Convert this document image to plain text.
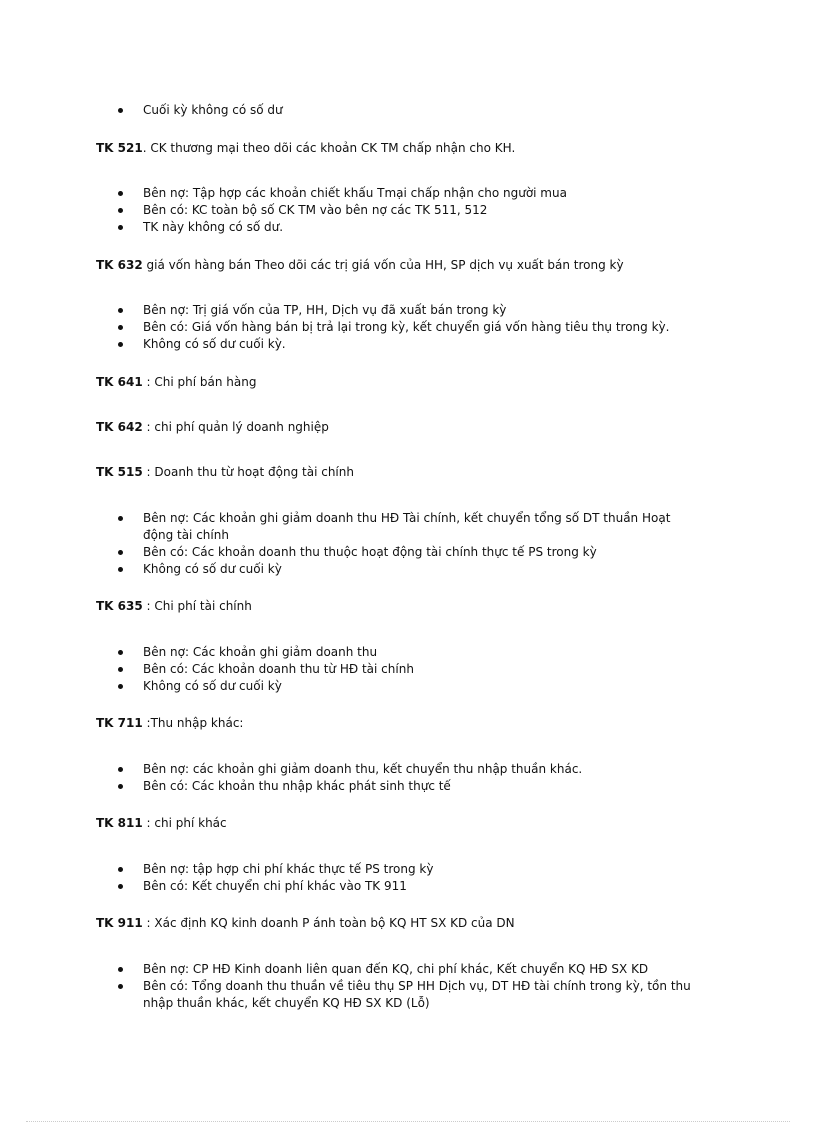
Cuối kỳ không có số dư
TK 521. CK thương mại theo dõi các khoản CK TM chấp nhận cho KH.
Bên nợ: Tập hợp các khoản chiết khấu Tmại chấp nhận cho người mua
Bên có: KC toàn bộ số CK TM vào bên nợ các TK 511, 512
TK này không có số dư.
TK 632 giá vốn hàng bán Theo dõi các trị giá vốn của HH, SP dịch vụ xuất bán trong kỳ
Bên nợ: Trị giá vốn của TP, HH, Dịch vụ đã xuất bán trong kỳ
Bên có: Giá vốn hàng bán bị trả lại trong kỳ, kết chuyển giá vốn hàng tiêu thụ trong kỳ.
Không có số dư cuối kỳ.
TK 641 : Chi phí bán hàng
TK 642 : chi phí quản lý doanh nghiệp
TK 515 : Doanh thu từ hoạt động tài chính
Bên nợ: Các khoản ghi giảm doanh thu HĐ Tài chính, kết chuyển tổng số DT thuần Hoạt động tài chính
Bên có: Các khoản doanh thu thuộc hoạt động tài chính thực tế PS trong kỳ
Không có số dư cuối kỳ
TK 635 : Chi phí tài chính
Bên nợ: Các khoản ghi giảm doanh thu
Bên có: Các khoản doanh thu từ HĐ tài chính
Không có số dư cuối kỳ
TK 711 :Thu nhập khác:
Bên nợ: các khoản ghi giảm doanh thu, kết chuyển thu nhập thuần khác.
Bên có: Các khoản thu nhập khác phát sinh thực tế
TK 811 : chi phí khác
Bên nợ: tập hợp chi phí khác thực tế PS trong kỳ
Bên có: Kết chuyển chi phí khác vào TK 911
TK 911 : Xác định KQ kinh doanh P ánh toàn bộ KQ HT SX KD của DN
Bên nợ: CP HĐ Kinh doanh liên quan đến KQ, chi phí khác, Kết chuyển KQ HĐ SX KD
Bên có: Tổng doanh thu thuần về tiêu thụ SP HH Dịch vụ, DT HĐ tài chính trong kỳ, tồn thu nhập thuần khác, kết chuyển KQ HĐ SX KD (Lỗ)
